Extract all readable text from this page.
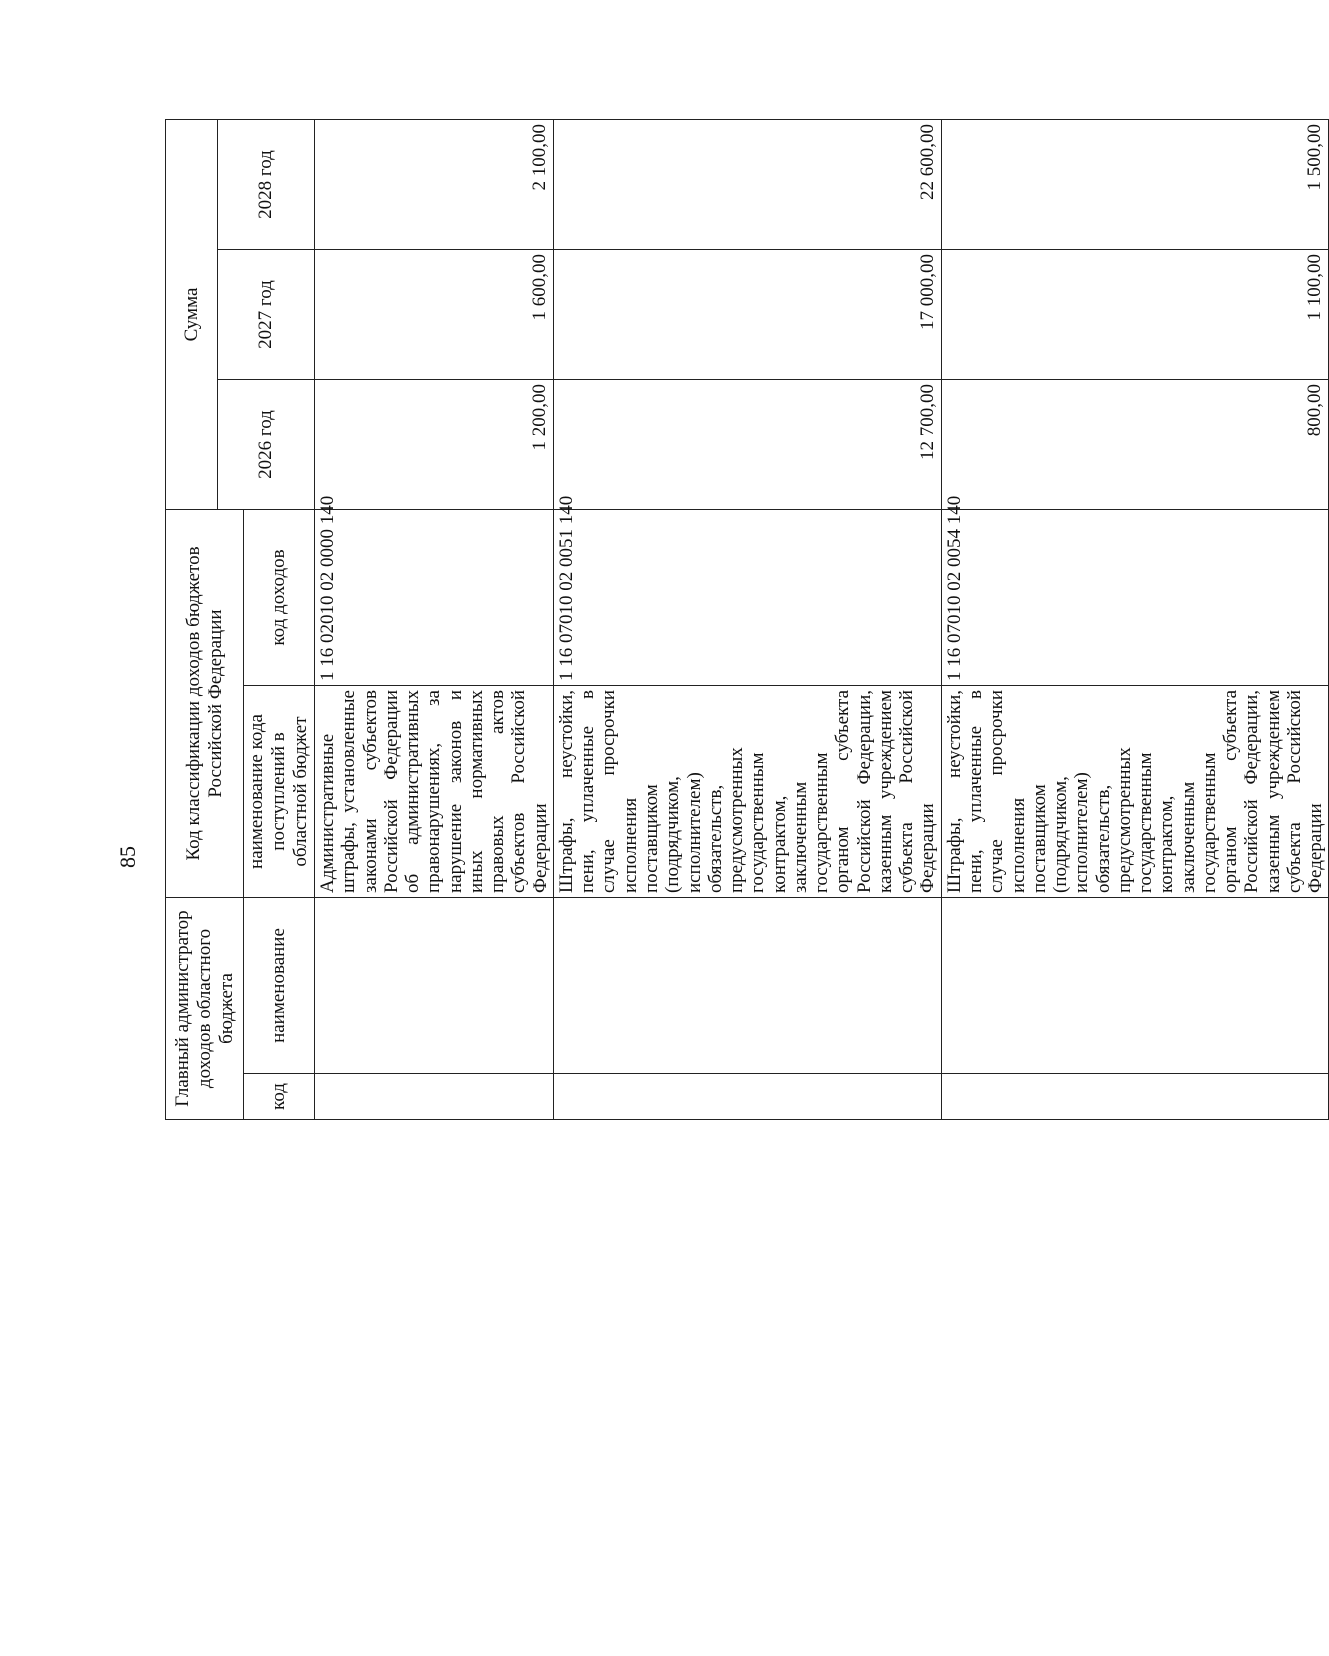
85
Главный администратор доходов областного бюджета		Код классификации доходов бюджетов Российской Федерации		Сумма		
				2026 год	2027 год	2028 год
код	наименование	наименование кода поступлений в областной бюджет	код доходов			
		Административные штрафы, установленные законами субъектов Российской Федерации об административных правонарушениях, за нарушение законов и иных нормативных правовых актов субъектов Российской Федерации	1 16 02010 02 0000 140	1 200,00	1 600,00	2 100,00
		Штрафы, неустойки, пени, уплаченные в случае просрочки исполнения поставщиком (подрядчиком, исполнителем) обязательств, предусмотренных государственным контрактом, заключенным государственным органом субъекта Российской Федерации, казенным учреждением субъекта Российской Федерации	1 16 07010 02 0051 140	12 700,00	17 000,00	22 600,00
		Штрафы, неустойки, пени, уплаченные в случае просрочки исполнения поставщиком (подрядчиком, исполнителем) обязательств, предусмотренных государственным контрактом, заключенным государственным органом субъекта Российской Федерации, казенным учреждением субъекта Российской Федерации	1 16 07010 02 0054 140	800,00	1 100,00	1 500,00
